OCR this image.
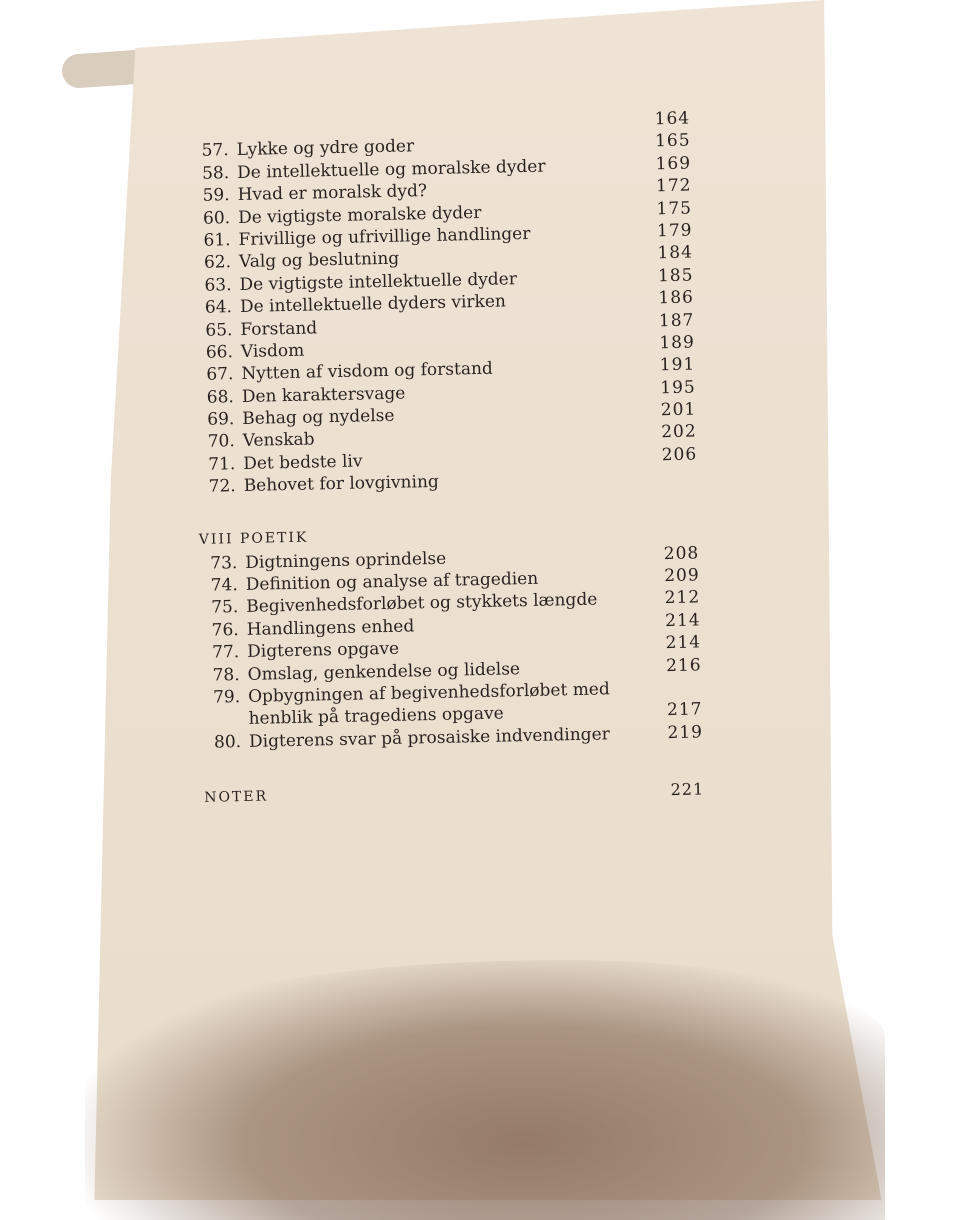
164
57. Lykke og ydre goder	165
58. De intellektuelle og moralske dyder	169
59. Hvad er moralsk dyd?	172
60. De vigtigste moralske dyder	175
61. Frivillige og ufrivillige handlinger	179
62. Valg og beslutning	184
63. De vigtigste intellektuelle dyder	185
64. De intellektuelle dyders virken	186
65. Forstand	187
66. Visdom	189
67. Nytten af visdom og forstand	191
68. Den karaktersvage	195
69. Behag og nydelse	201
70. Venskab	202
71. Det bedste liv	206
72. Behovet for lovgivning
VIII POETIK
73. Digtningens oprindelse	208
74. Definition og analyse af tragedien	209
75. Begivenhedsforløbet og stykkets længde	212
76. Handlingens enhed	214
77. Digterens opgave	214
78. Omslag, genkendelse og lidelse	216
79. Opbygningen af begivenhedsforløbet med
henblik på tragediens opgave	217
80. Digterens svar på prosaiske indvendinger	219
NOTER	221
